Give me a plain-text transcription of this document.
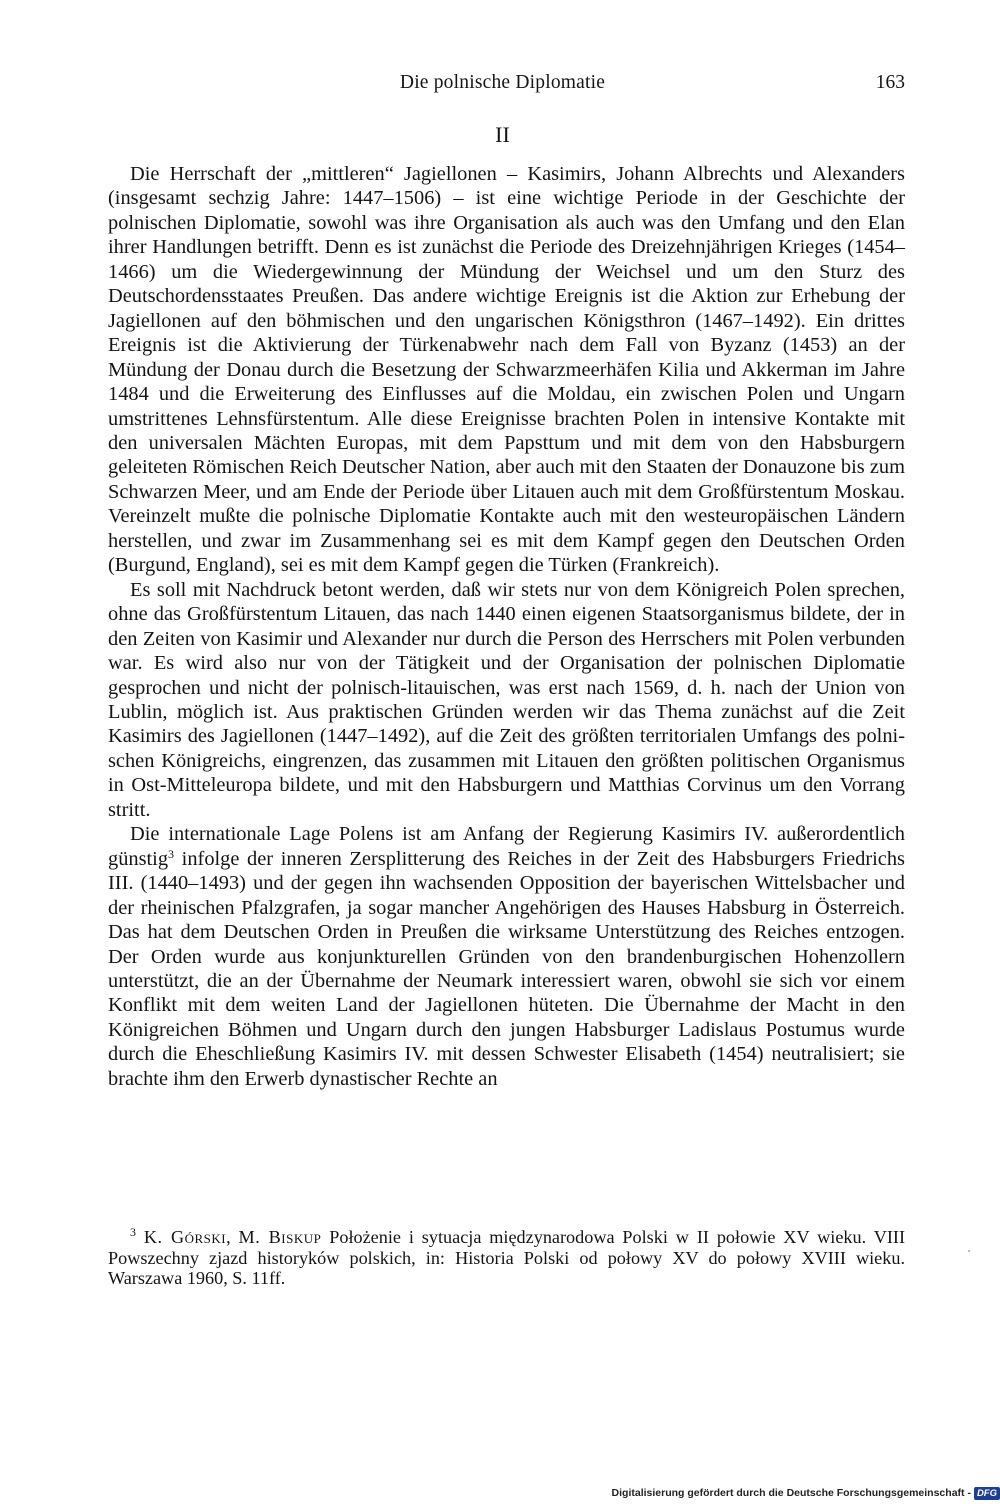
Die polnische Diplomatie	163
II

Die Herrschaft der „mittleren“ Jagiellonen – Kasimirs, Johann Albrechts und Alexanders (insgesamt sechzig Jahre: 1447–1506) – ist eine wichtige Periode in der Geschichte der polnischen Diplomatie, sowohl was ihre Organisation als auch was den Umfang und den Elan ihrer Handlungen betrifft. Denn es ist zunächst die Periode des Dreizehnjährigen Krieges (1454–1466) um die Wiedergewinnung der Mündung der Weichsel und um den Sturz des Deutschordensstaates Preußen. Das andere wichtige Ereignis ist die Aktion zur Erhebung der Jagiellonen auf den böhmischen und den ungarischen Königsthron (1467–1492). Ein drittes Ereignis ist die Aktivierung der Türkenabwehr nach dem Fall von Byzanz (1453) an der Mündung der Donau durch die Besetzung der Schwarzmeerhäfen Kilia und Akkerman im Jahre 1484 und die Erweiterung des Einflusses auf die Moldau, ein zwischen Polen und Ungarn umstrittenes Lehnsfürstentum. Alle diese Ereignisse brachten Polen in intensive Kontakte mit den universalen Mächten Europas, mit dem Papsttum und mit dem von den Habsburgern geleiteten Römischen Reich Deutscher Nation, aber auch mit den Staaten der Donauzone bis zum Schwarzen Meer, und am Ende der Periode über Litauen auch mit dem Großfürstentum Moskau. Vereinzelt mußte die polnische Diplomatie Kontakte auch mit den westeuropäischen Ländern herstellen, und zwar im Zusammenhang sei es mit dem Kampf gegen den Deutschen Orden (Burgund, England), sei es mit dem Kampf gegen die Türken (Frankreich).

Es soll mit Nachdruck betont werden, daß wir stets nur von dem Königreich Polen sprechen, ohne das Großfürstentum Litauen, das nach 1440 einen eigenen Staatsorganismus bildete, der in den Zeiten von Kasimir und Alexander nur durch die Person des Herrschers mit Polen verbunden war. Es wird also nur von der Tätigkeit und der Organisation der polnischen Diplomatie gesprochen und nicht der polnisch-litauischen, was erst nach 1569, d. h. nach der Union von Lublin, möglich ist. Aus praktischen Gründen werden wir das Thema zunächst auf die Zeit Kasimirs des Jagiellonen (1447–1492), auf die Zeit des größten territorialen Umfangs des polnischen Königreichs, eingrenzen, das zusammen mit Litauen den größten politischen Organismus in Ost-Mitteleuropa bildete, und mit den Habsburgern und Matthias Corvinus um den Vorrang stritt.

Die internationale Lage Polens ist am Anfang der Regierung Kasimirs IV. außerordentlich günstig$^3$ infolge der inneren Zersplitterung des Reiches in der Zeit des Habsburgers Friedrichs III. (1440–1493) und der gegen ihn wachsenden Opposition der bayerischen Wittelsbacher und der rheinischen Pfalzgrafen, ja sogar mancher Angehörigen des Hauses Habsburg in Österreich. Das hat dem Deutschen Orden in Preußen die wirksame Unterstützung des Reiches entzogen. Der Orden wurde aus konjunkturellen Gründen von den brandenburgischen Hohenzollern unterstützt, die an der Übernahme der Neumark interessiert waren, obwohl sie sich vor einem Konflikt mit dem weiten Land der Jagiellonen hüteten. Die Übernahme der Macht in den Königreichen Böhmen und Ungarn durch den jungen Habsburger Ladislaus Postumus wurde durch die Eheschließung Kasimirs IV. mit dessen Schwester Elisabeth (1454) neutralisiert; sie brachte ihm den Erwerb dynastischer Rechte an

$^3$ K. Górski, M. Biskup Położenie i sytuacja międzynarodowa Polski w II połowie XV wieku. VIII Powszechny zjazd historyków polskich, in: Historia Polski od połowy XV do połowy XVIII wieku. Warszawa 1960, S. 11ff.

Digitalisierung gefördert durch die Deutsche Forschungsgemeinschaft - DFG
